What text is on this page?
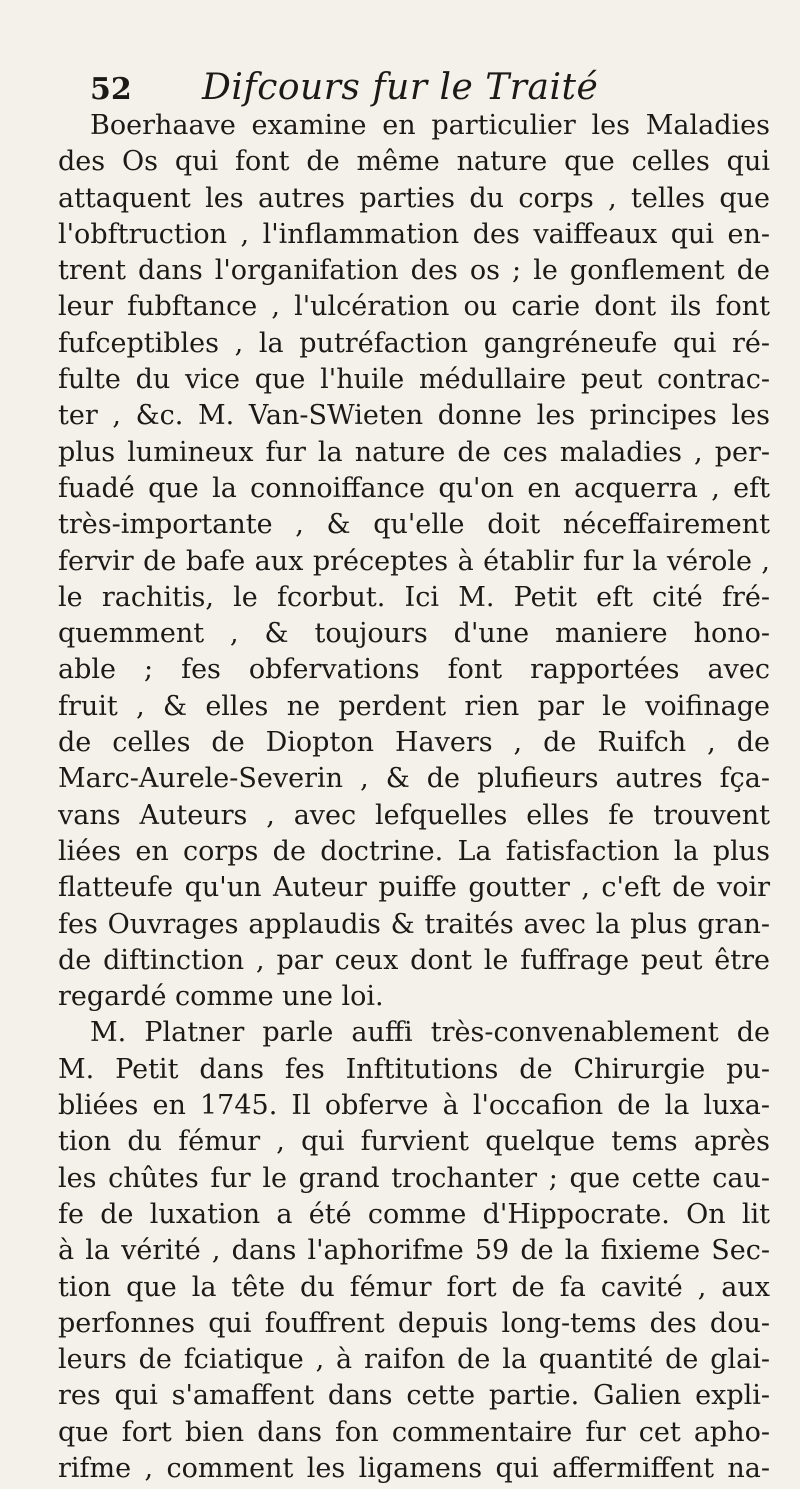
52 Difcours fur le Traité
Boerhaave examine en particulier les Maladies
des Os qui font de même nature que celles qui
attaquent les autres parties du corps , telles que
l'obftruction , l'inflammation des vaiffeaux qui en-
trent dans l'organifation des os ; le gonflement de
leur fubftance , l'ulcération ou carie dont ils font
fufceptibles , la putréfaction gangréneufe qui ré-
fulte du vice que l'huile médullaire peut contrac-
ter , &c. M. Van-SWieten donne les principes les
plus lumineux fur la nature de ces maladies , per-
fuadé que la connoiffance qu'on en acquerra , eft
très-importante , & qu'elle doit néceffairement
fervir de bafe aux préceptes à établir fur la vérole ,
le rachitis, le fcorbut. Ici M. Petit eft cité fré-
quemment , & toujours d'une maniere hono-
able ; fes obfervations font rapportées avec
fruit , & elles ne perdent rien par le voifinage
de celles de Diopton Havers , de Ruifch , de
Marc-Aurele-Severin , & de plufieurs autres fça-
vans Auteurs , avec lefquelles elles fe trouvent
liées en corps de doctrine. La fatisfaction la plus
flatteufe qu'un Auteur puiffe goutter , c'eft de voir
fes Ouvrages applaudis & traités avec la plus gran-
de diftinction , par ceux dont le fuffrage peut être
regardé comme une loi.
M. Platner parle auffi très-convenablement de
M. Petit dans fes Inftitutions de Chirurgie pu-
bliées en 1745. Il obferve à l'occafion de la luxa-
tion du fémur , qui furvient quelque tems après
les chûtes fur le grand trochanter ; que cette cau-
fe de luxation a été comme d'Hippocrate. On lit
à la vérité , dans l'aphorifme 59 de la fixieme Sec-
tion que la tête du fémur fort de fa cavité , aux
perfonnes qui fouffrent depuis long-tems des dou-
leurs de fciatique , à raifon de la quantité de glai-
res qui s'amaffent dans cette partie. Galien expli-
que fort bien dans fon commentaire fur cet apho-
rifme , comment les ligamens qui affermiffent na-
